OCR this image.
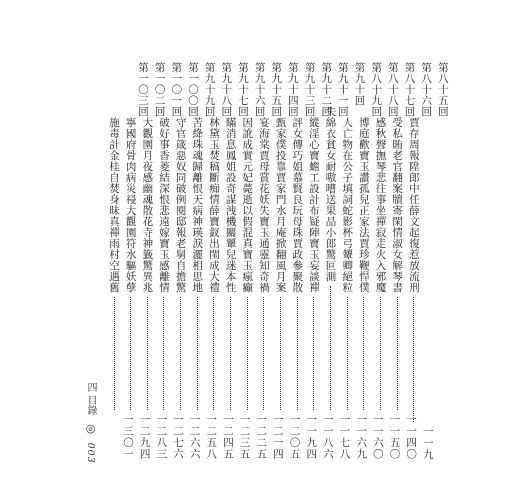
第八十五回
賈存周報陞郎中任
薛文起復惹放流刑
一一九
第八十六回
受私賄老官翻案牘
寄閑情淑女解琴書
一一四〇
第八十七回
感秋聲撫琴悲往事
坐禪寂走火入邪魔
一一五〇
第八十八回
博庭歡寶玉讚孤兒
正家法賈珍鞭悍僕
一一六〇
第八十九回
人亡物在公子填詞
蛇影杯弓顰卿絕粒
一一六九
第九十回
失綿衣貧女耐嗷嘈
送果品小郎驚叵測
一一七八
第九十一回
縱淫心寶蟾工設計
布疑陣寶玉妄談禪
一一八六
第九十二回
評女傳巧姐慕賢良
玩母珠賈政參聚散
一一九四
第九十三回
甄家僕投靠賈家門
水月庵掀翻風月案
一二〇五
第九十四回
宴海棠賈母賞花妖
失寶玉通靈知奇禍
一二一四
第九十五回
因訛成實元妃薨逝
以假混真寶玉瘋癲
一二二五
第九十六回
瞞消息鳳姐設奇謀
洩機關顰兒迷本性
一二三五
第九十七回
林黛玉焚稿斷痴情
薛寶釵出閨成大禮
一二四五
第九十八回
苦絳珠魂歸離恨天
病神瑛淚灑相思地
一二五八
第九十九回
守官箴惡奴同破例
閱邸報老舅自擔驚
一二六六
第一〇〇回
破好事香菱結深恨
悲遠嫁寶玉感離情
一二七六
第一〇一回
大觀園月夜感幽魂
散花寺神籤驚異兆
一二八三
第一〇二回
寧國府骨肉病災祲
大觀園符水驅妖孽
一二九四
第一〇三回
施毒計金桂自焚身
昧真禪雨村空遇舊
一三〇一
四 目錄 ◎ 003
